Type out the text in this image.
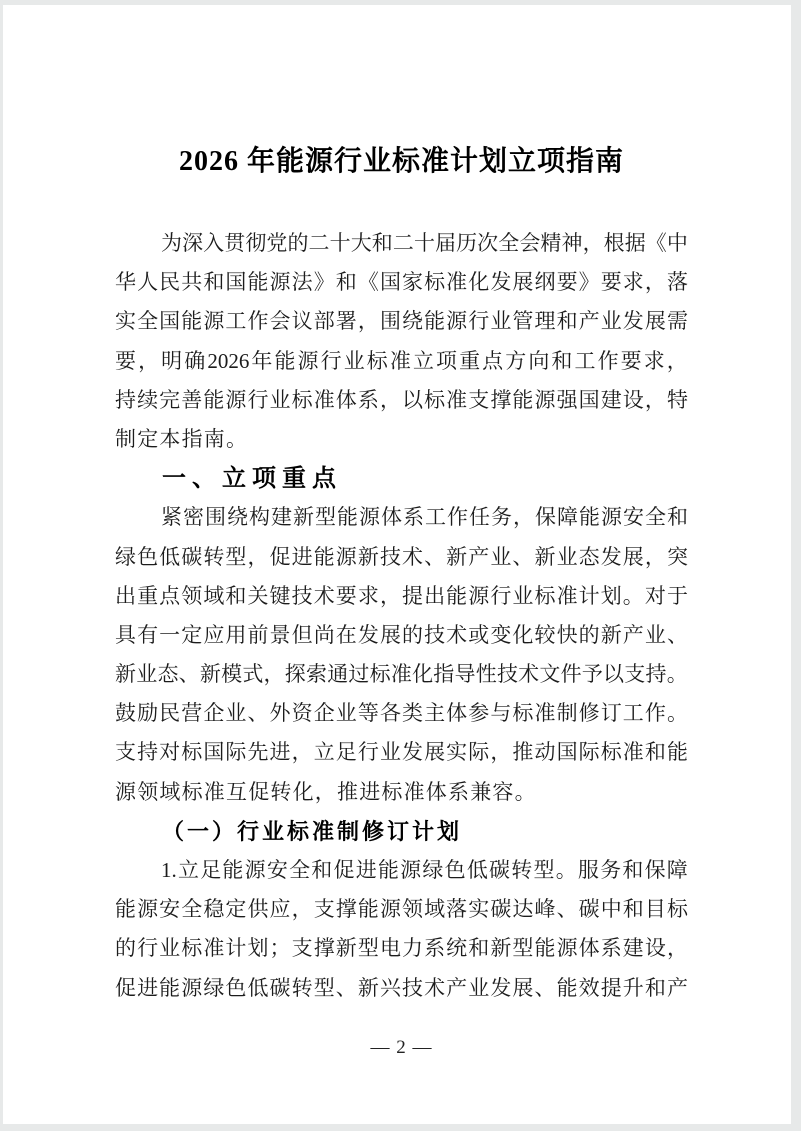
2026 年能源行业标准计划立项指南
为 深 入 贯 彻 党 的 二 十 大 和 二 十 届 历 次 全 会 精 神 ， 根 据 《 中
华 人 民 共 和 国 能 源 法 》 和 《 国 家 标 准 化 发 展 纲 要 》 要 求 ， 落
实 全 国 能 源 工 作 会 议 部 署 ， 围 绕 能 源 行 业 管 理 和 产 业 发 展 需
要 ， 明 确 2026 年 能 源 行 业 标 准 立 项 重 点 方 向 和 工 作 要 求 ，
持 续 完 善 能 源 行 业 标 准 体 系 ， 以 标 准 支 撑 能 源 强 国 建 设 ， 特
制定本指南。
一、立项重点
紧 密 围 绕 构 建 新 型 能 源 体 系 工 作 任 务 ， 保 障 能 源 安 全 和
绿 色 低 碳 转 型 ， 促 进 能 源 新 技 术 、 新 产 业 、 新 业 态 发 展 ， 突
出 重 点 领 域 和 关 键 技 术 要 求 ， 提 出 能 源 行 业 标 准 计 划 。 对 于
具 有 一 定 应 用 前 景 但 尚 在 发 展 的 技 术 或 变 化 较 快 的 新 产 业 、
新 业 态 、 新 模 式 ， 探 索 通 过 标 准 化 指 导 性 技 术 文 件 予 以 支 持 。
鼓 励 民 营 企 业 、 外 资 企 业 等 各 类 主 体 参 与 标 准 制 修 订 工 作 。
支 持 对 标 国 际 先 进 ， 立 足 行 业 发 展 实 际 ， 推 动 国 际 标 准 和 能
源领域标准互促转化，推进标准体系兼容。
（一）行业标准制修订计划
1. 立 足 能 源 安 全 和 促 进 能 源 绿 色 低 碳 转 型 。 服 务 和 保 障
能 源 安 全 稳 定 供 应 ， 支 撑 能 源 领 域 落 实 碳 达 峰 、 碳 中 和 目 标
的 行 业 标 准 计 划 ； 支 撑 新 型 电 力 系 统 和 新 型 能 源 体 系 建 设 ，
促 进 能 源 绿 色 低 碳 转 型 、 新 兴 技 术 产 业 发 展 、 能 效 提 升 和 产
— 2 —
